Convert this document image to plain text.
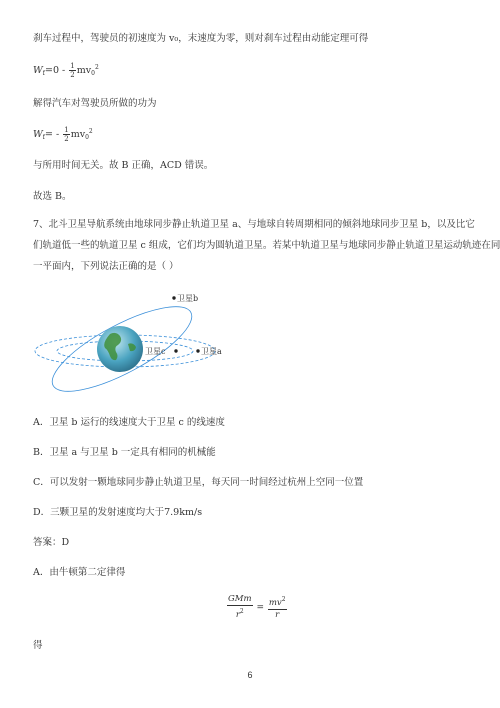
刹车过程中，驾驶员的初速度为 v₀，末速度为零，则对刹车过程由动能定理可得
$W_f=0 - \frac{1}{2} mv_0^2$
解得汽车对驾驶员所做的功为
$W_f= - \frac{1}{2} mv_0^2$
与所用时间无关。故 B 正确，ACD 错误。
故选 B。
7、北斗卫星导航系统由地球同步静止轨道卫星 a、与地球自转周期相同的倾斜地球同步卫星 b，以及比它
们轨道低一些的轨道卫星 c 组成，它们均为圆轨道卫星。若某中轨道卫星与地球同步静止轨道卫星运动轨迹在同
一平面内，下列说法正确的是（ ）
卫星b
卫星a
卫星c
A．卫星 b 运行的线速度大于卫星 c 的线速度
B．卫星 a 与卫星 b 一定具有相同的机械能
C．可以发射一颗地球同步静止轨道卫星，每天同一时间经过杭州上空同一位置
D．三颗卫星的发射速度均大于7.9km/s
答案：D
A．由牛顿第二定律得
$\frac{\text{GMm}}{r^2} = \frac{mv^2}{r}$
得
6
